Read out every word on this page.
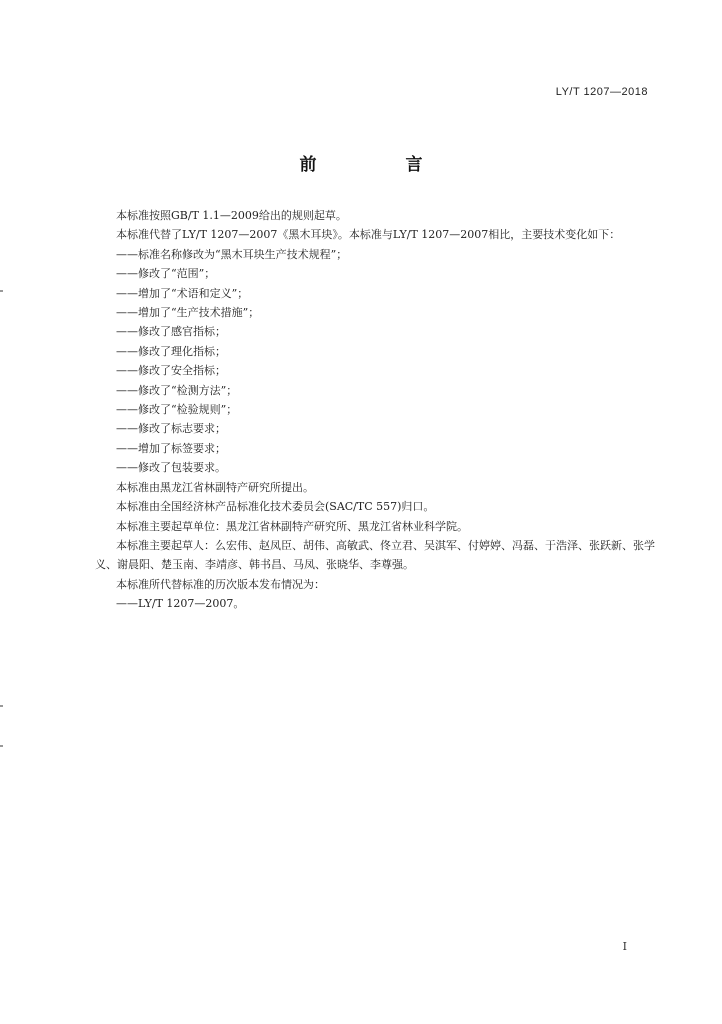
LY/T 1207—2018
前　言

本标准按照GB/T 1.1—2009给出的规则起草。

本标准代替了LY/T 1207—2007《黑木耳块》。本标准与LY/T 1207—2007相比，主要技术变化如下：

——标准名称修改为“黑木耳块生产技术规程”；

——修改了“范围”；

——增加了“术语和定义”；

——增加了“生产技术措施”；

——修改了感官指标；

——修改了理化指标；

——修改了安全指标；

——修改了“检测方法”；

——修改了“检验规则”；

——修改了标志要求；

——增加了标签要求；

——修改了包装要求。

本标准由黑龙江省林副特产研究所提出。

本标准由全国经济林产品标准化技术委员会(SAC/TC 557)归口。

本标准主要起草单位：黑龙江省林副特产研究所、黑龙江省林业科学院。

本标准主要起草人：么宏伟、赵凤臣、胡伟、高敏武、佟立君、吴淇军、付婷婷、冯磊、于浩泽、张跃新、张学义、谢晨阳、楚玉南、李靖彦、韩书昌、马凤、张晓华、李尊强。

本标准所代替标准的历次版本发布情况为：

——LY/T 1207—2007。

I
